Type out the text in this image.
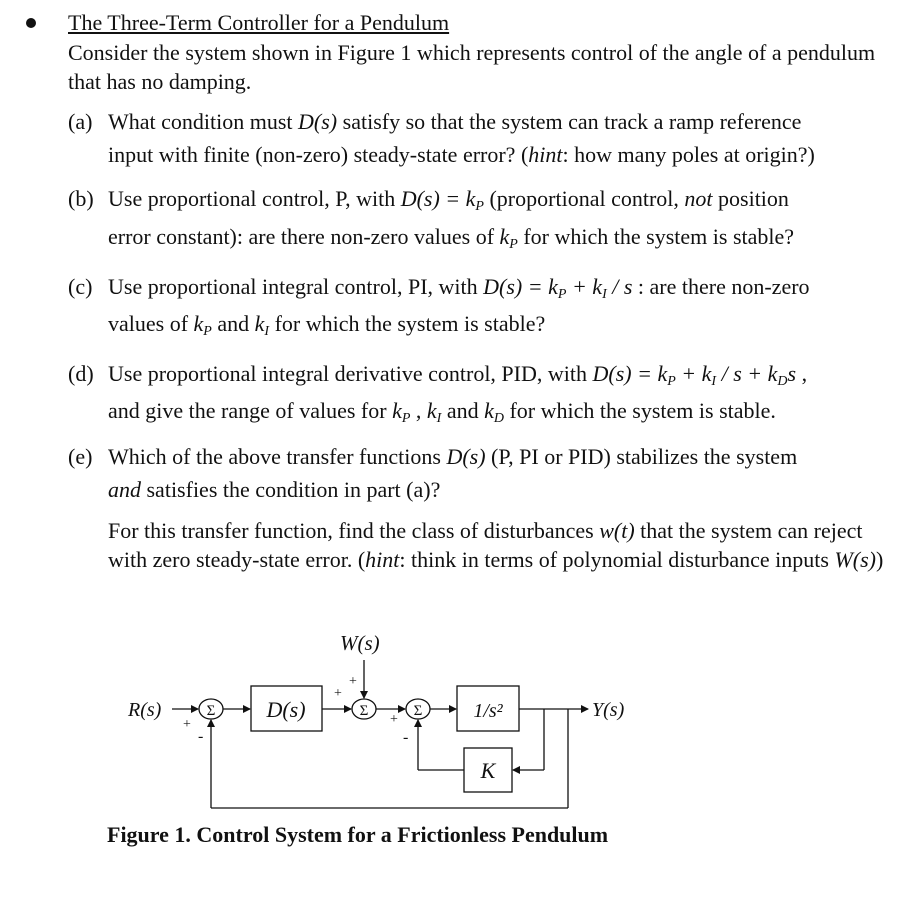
The Three-Term Controller for a Pendulum
Consider the system shown in Figure 1 which represents control of the angle of a pendulum that has no damping.
(a) What condition must D(s) satisfy so that the system can track a ramp reference
input with finite (non-zero) steady-state error? (hint: how many poles at origin?)
(b) Use proportional control, P, with $D(s) = k_P$ (proportional control, not position
error constant): are there non-zero values of $k_P$ for which the system is stable?
(c) Use proportional integral control, PI, with $D(s) = k_P + k_I / s$ : are there non-zero
values of $k_P$ and $k_I$ for which the system is stable?
(d) Use proportional integral derivative control, PID, with $D(s) = k_P + k_I / s + k_Ds$ ,
and give the range of values for $k_P$ , $k_I$ and $k_D$ for which the system is stable.
(e) Which of the above transfer functions D(s) (P, PI or PID) stabilizes the system
and satisfies the condition in part (a)?
For this transfer function, find the class of disturbances w(t) that the system can reject with zero steady-state error. (hint: think in terms of polynomial disturbance inputs W(s))
W(s)
R(s)	Y(s)
Σ	Σ	Σ
D(s)	1/s²
K
+
-
+
+
+
-
Figure 1. Control System for a Frictionless Pendulum
